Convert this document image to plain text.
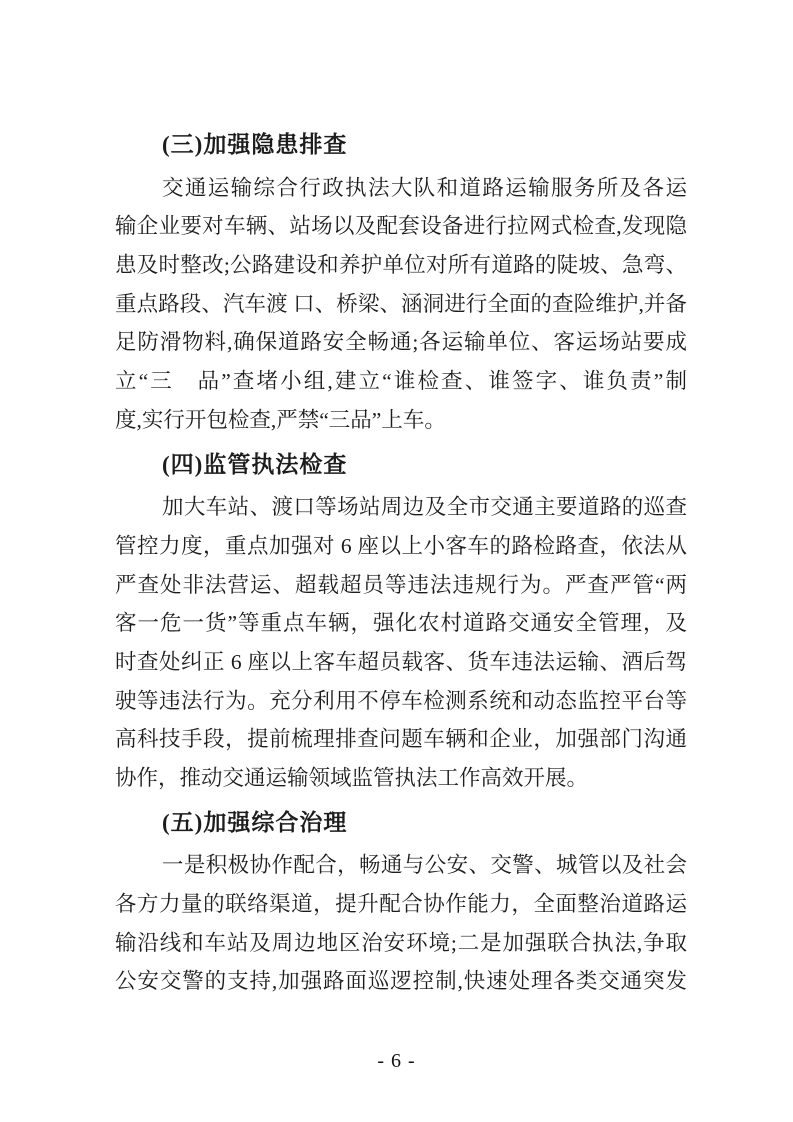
(三)加强隐患排查
交通运输综合行政执法大队和道路运输服务所及各运
输企业要对车辆、站场以及配套设备进行拉网式检查,发现隐
患及时整改;公路建设和养护单位对所有道路的陡坡、急弯、
重点路段、汽车渡 口、桥梁、涵洞进行全面的查险维护,并备
足防滑物料,确保道路安全畅通;各运输单位、客运场站要成
立“三　品”查堵小组,建立“谁检查、谁签字、谁负责”制
度,实行开包检查,严禁“三品”上车。
(四)监管执法检查
加大车站、渡口等场站周边及全市交通主要道路的巡查
管控力度，重点加强对 6 座以上小客车的路检路查，依法从
严查处非法营运、超载超员等违法违规行为。严查严管“两
客一危一货”等重点车辆，强化农村道路交通安全管理，及
时查处纠正 6 座以上客车超员载客、货车违法运输、酒后驾
驶等违法行为。充分利用不停车检测系统和动态监控平台等
高科技手段，提前梳理排查问题车辆和企业，加强部门沟通
协作，推动交通运输领域监管执法工作高效开展。
(五)加强综合治理
一是积极协作配合，畅通与公安、交警、城管以及社会
各方力量的联络渠道，提升配合协作能力，全面整治道路运
输沿线和车站及周边地区治安环境;二是加强联合执法,争取
公安交警的支持,加强路面巡逻控制,快速处理各类交通突发
- 6 -
